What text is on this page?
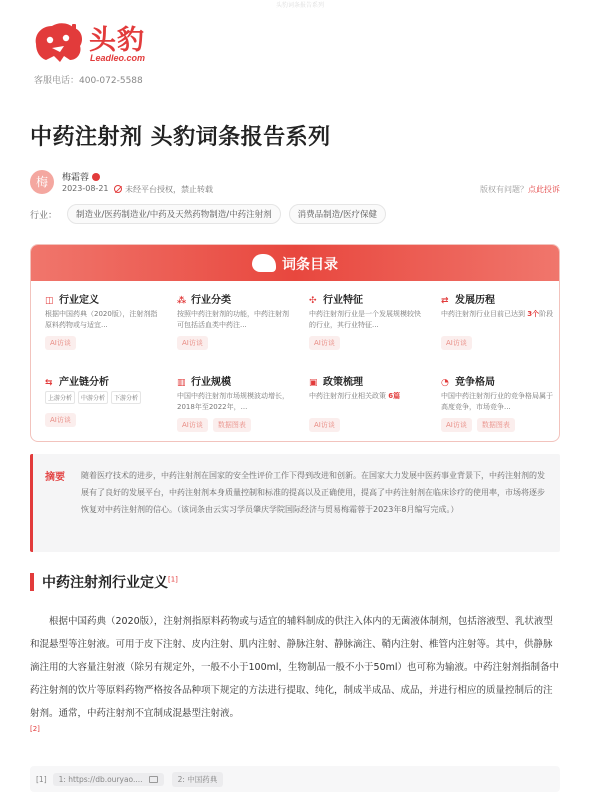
头豹词条报告系列
头豹
Leadleo.com
客服电话：400-072-5588
中药注射剂 头豹词条报告系列
梅	梅霜蓉
2023-08-21	未经平台授权，禁止转载	版权有问题？点此投诉
行业：	制造业/医药制造业/中药及天然药物制造/中药注射剂	消费品制造/医疗保健
词条目录
◫ 行业定义
根据中国药典（2020版），注射剂指原料药物或与适宜...
AI访谈
⁂ 行业分类
按照中药注射剂的功能，中药注射剂可包括活血类中药注...
AI访谈
✣ 行业特征
中药注射剂行业是一个发展规模较快的行业，其行业特征...
AI访谈
⇄ 发展历程
中药注射剂行业目前已达到 3个阶段
AI访谈
⇆ 产业链分析
上游分析	中游分析	下游分析
AI访谈
▥ 行业规模
中国中药注射剂市场规模波动增长，2018年至2022年，...
AI访谈	数据图表
▣ 政策梳理
中药注射剂行业相关政策 6篇
AI访谈
◔ 竞争格局
中国中药注射剂行业的竞争格局属于高度竞争，市场竞争...
AI访谈	数据图表
摘要 随着医疗技术的进步，中药注射剂在国家的安全性评价工作下得到改进和创新。在国家大力发展中医药事业背景下，中药注射剂的发展有了良好的发展平台，中药注射剂本身质量控制和标准的提高以及正确使用，提高了中药注射剂在临床诊疗的使用率，市场将逐步恢复对中药注射剂的信心。（该词条由云实习学员肇庆学院国际经济与贸易梅霜蓉于2023年8月编写完成。）

中药注射剂行业定义[1]

根据中国药典（2020版），注射剂指原料药物或与适宜的辅料制成的供注入体内的无菌液体制剂，包括溶液型、乳状液型和混悬型等注射液。可用于皮下注射、皮内注射、肌内注射、静脉注射、静脉滴注、鞘内注射、椎管内注射等。其中，供静脉滴注用的大容量注射液（除另有规定外，一般不小于100ml，生物制品一般不小于50ml）也可称为输液。中药注射剂指制备中药注射剂的饮片等原料药物严格按各品种项下规定的方法进行提取、纯化，制成半成品、成品，并进行相应的质量控制后的注射剂。通常，中药注射剂不宜制成混悬型注射液。

[2]
[1] 1: https://db.ouryao....	2: 中国药典
